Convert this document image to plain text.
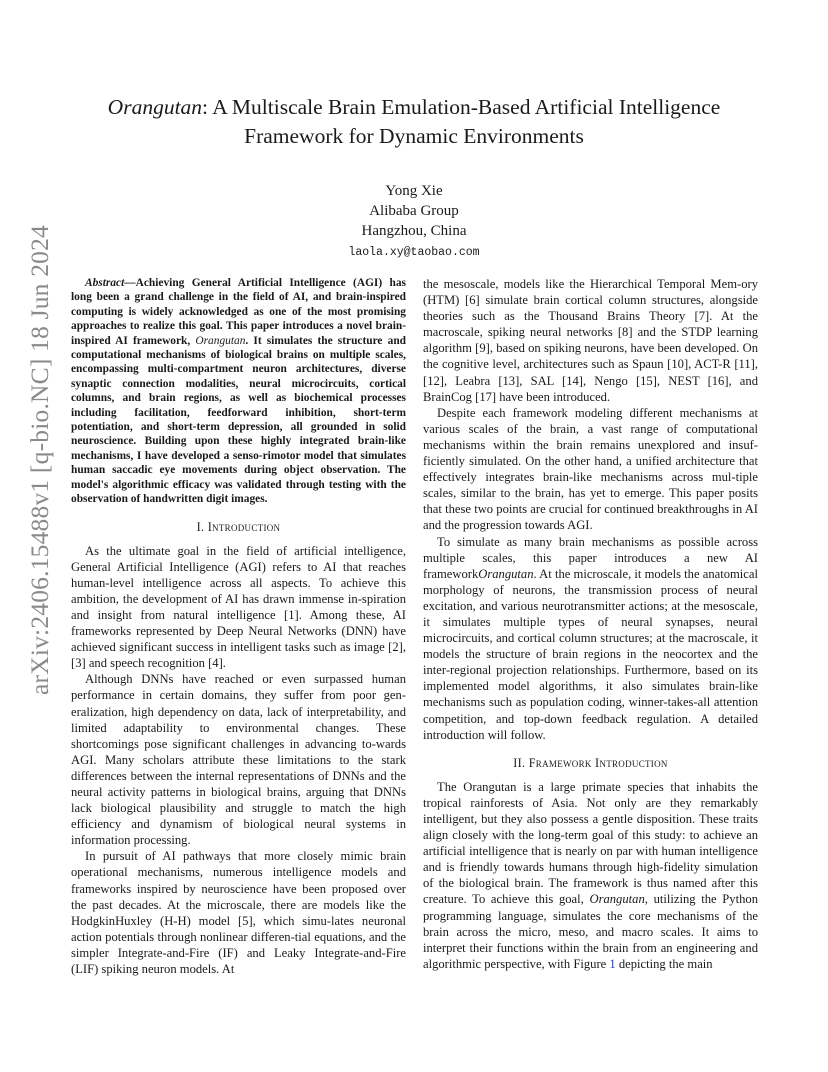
arXiv:2406.15488v1 [q-bio.NC] 18 Jun 2024
Orangutan: A Multiscale Brain Emulation-Based Artificial Intelligence
Framework for Dynamic Environments
Yong Xie
Alibaba Group
Hangzhou, China
laola.xy@taobao.com

Abstract—Achieving General Artificial Intelligence (AGI) has long been a grand challenge in the field of AI, and brain-inspired computing is widely acknowledged as one of the most promising approaches to realize this goal. This paper introduces a novel brain-inspired AI framework, Orangutan. It simulates the structure and computational mechanisms of biological brains on multiple scales, encompassing multi-compartment neuron architectures, diverse synaptic connection modalities, neural microcircuits, cortical columns, and brain regions, as well as biochemical processes including facilitation, feedforward inhibition, short-term potentiation, and short-term depression, all grounded in solid neuroscience. Building upon these highly integrated brain-like mechanisms, I have developed a senso-rimotor model that simulates human saccadic eye movements during object observation. The model's algorithmic efficacy was validated through testing with the observation of handwritten digit images.

I. Introduction

As the ultimate goal in the field of artificial intelligence, General Artificial Intelligence (AGI) refers to AI that reaches human-level intelligence across all aspects. To achieve this ambition, the development of AI has drawn immense in-spiration and insight from natural intelligence [1]. Among these, AI frameworks represented by Deep Neural Networks (DNN) have achieved significant success in intelligent tasks such as image [2], [3] and speech recognition [4].

Although DNNs have reached or even surpassed human performance in certain domains, they suffer from poor gen-eralization, high dependency on data, lack of interpretability, and limited adaptability to environmental changes. These shortcomings pose significant challenges in advancing to-wards AGI. Many scholars attribute these limitations to the stark differences between the internal representations of DNNs and the neural activity patterns in biological brains, arguing that DNNs lack biological plausibility and struggle to match the high efficiency and dynamism of biological neural systems in information processing.

In pursuit of AI pathways that more closely mimic brain operational mechanisms, numerous intelligence models and frameworks inspired by neuroscience have been proposed over the past decades. At the microscale, there are models like the HodgkinHuxley (H-H) model [5], which simu-lates neuronal action potentials through nonlinear differen-tial equations, and the simpler Integrate-and-Fire (IF) and Leaky Integrate-and-Fire (LIF) spiking neuron models. At

the mesoscale, models like the Hierarchical Temporal Mem-ory (HTM) [6] simulate brain cortical column structures, alongside theories such as the Thousand Brains Theory [7]. At the macroscale, spiking neural networks [8] and the STDP learning algorithm [9], based on spiking neurons, have been developed. On the cognitive level, architectures such as Spaun [10], ACT-R [11], [12], Leabra [13], SAL [14], Nengo [15], NEST [16], and BrainCog [17] have been introduced.

Despite each framework modeling different mechanisms at various scales of the brain, a vast range of computational mechanisms within the brain remains unexplored and insuf-ficiently simulated. On the other hand, a unified architecture that effectively integrates brain-like mechanisms across mul-tiple scales, similar to the brain, has yet to emerge. This paper posits that these two points are crucial for continued breakthroughs in AI and the progression towards AGI.

To simulate as many brain mechanisms as possible across multiple scales, this paper introduces a new AI frameworkOrangutan. At the microscale, it models the anatomical morphology of neurons, the transmission process of neural excitation, and various neurotransmitter actions; at the mesoscale, it simulates multiple types of neural synapses, neural microcircuits, and cortical column structures; at the macroscale, it models the structure of brain regions in the neocortex and the inter-regional projection relationships. Furthermore, based on its implemented model algorithms, it also simulates brain-like mechanisms such as population coding, winner-takes-all attention competition, and top-down feedback regulation. A detailed introduction will follow.

II. Framework Introduction

The Orangutan is a large primate species that inhabits the tropical rainforests of Asia. Not only are they remarkably intelligent, but they also possess a gentle disposition. These traits align closely with the long-term goal of this study: to achieve an artificial intelligence that is nearly on par with human intelligence and is friendly towards humans through high-fidelity simulation of the biological brain. The framework is thus named after this creature. To achieve this goal, Orangutan, utilizing the Python programming language, simulates the core mechanisms of the brain across the micro, meso, and macro scales. It aims to interpret their functions within the brain from an engineering and algorithmic perspective, with Figure 1 depicting the main
